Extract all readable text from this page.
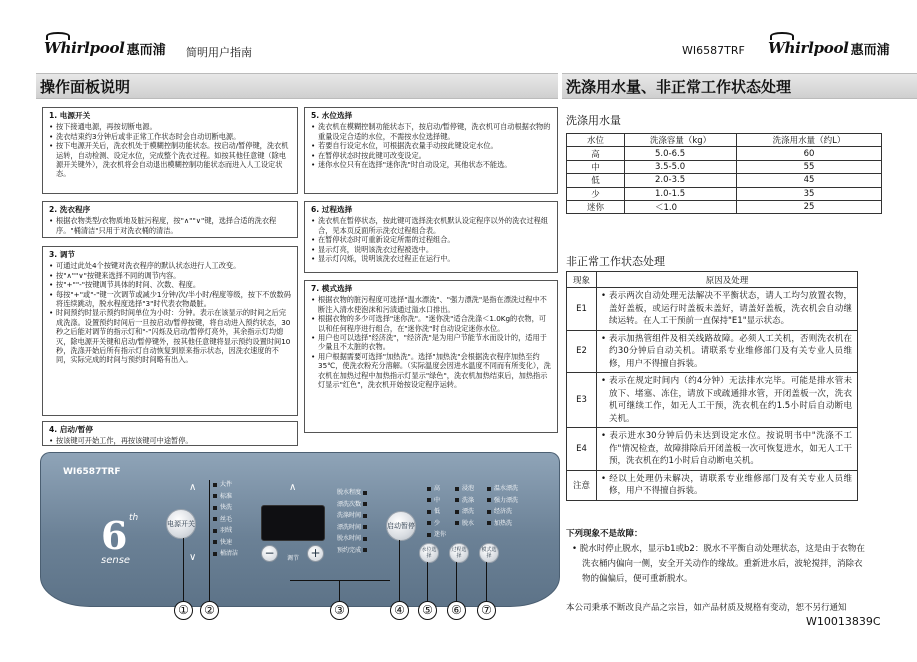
Whirlpool 惠而浦 简明用户指南	WI6587TRF Whirlpool 惠而浦
操作面板说明	洗涤用水量、非正常工作状态处理
1. 电源开关
• 按下接通电源，再按切断电源。
• 洗衣结束约3分钟后或非正常工作状态时会自动切断电源。
• 按下电源开关后，洗衣机处于模糊控制功能状态。按启动/暂停键，洗衣机运转，自动检测、设定水位，完成整个洗衣过程。如按其他任意键（除电源开关键外），洗衣机将会自动退出模糊控制功能状态而进入人工设定状态。
2. 洗衣程序
• 根据衣物类型/衣物质地及脏污程度，按"∧""∨"键，选择合适的洗衣程序。"桶清洁"只用于对洗衣桶的清洁。
3. 调节
• 可通过此处4个按键对洗衣程序的默认状态进行人工改变。
• 按"∧""∨"按键来选择不同的调节内容。
• 按"+""-"按键调节具体的时间、次数、程度。
• 每按"+"或"-"键一次调节或减少1分钟/次/半小时/程度等级，按下不放数码将连续跳动，脱水程度选择"3"时代表衣物最脏。
• 时间预约时显示预约时间单位为小时：分钟。表示在该显示的时间之后完成洗涤。设置预约时间后一旦按启动/暂停按键，将自动进入预约状态，30秒之后能对调节的指示灯和"-"闪烁及启动/暂停灯亮外，其余指示灯均熄灭，除电源开关键和启动/暂停键外，按其他任意键将显示预约设置时间10秒，洗涤开始后所有指示灯自动恢复到原来指示状态，因洗衣速度的不同，实际完成的时间与预约时间略有出入。
4. 启动/暂停
• 按该键可开始工作，再按该键可中途暂停。
5. 水位选择
• 洗衣机在模糊控制功能状态下，按启动/暂停键，洗衣机可自动根据衣物的重量设定合适的水位，不需按水位选择键。
• 若要自行设定水位，可根据洗衣量手动按此键设定水位。
• 在暂停状态时按此键可改变设定。
• 迷你水位只有在选择"迷你洗"时自动设定，其他状态不能选。
6. 过程选择
• 洗衣机在暂停状态，按此键可选择洗衣机默认设定程序以外的洗衣过程组合，见本页反面所示洗衣过程组合表。
• 在暂停状态时可重新设定所需的过程组合。
• 显示灯亮，说明该洗衣过程被选中。
• 显示灯闪烁，说明该洗衣过程正在运行中。
7. 模式选择
• 根据衣物的脏污程度可选择"温水漂洗"、"强力漂洗"是指在漂洗过程中不断注入清水使泡沫和污渍通过溢水口排出。
• 根据衣物的多少可选择"迷你洗"。"迷你洗"适合洗涤＜1.0Kg的衣物，可以和任何程序进行组合，在"迷你洗"时自动设定迷你水位。
• 用户也可以选择"经济洗"，"经济洗"是为用户节能节水而设计的，适用于少量且不太脏的衣物。
• 用户根据需要可选择"加热洗"。选择"加热洗"会根据洗衣程序加热至约35℃，使洗衣粉充分溶解。（实际温度会因进水温度不同而有所变化），洗衣机在加热过程中加热指示灯显示"绿色"，洗衣机加热结束后，加热指示灯显示"红色"，洗衣机开始按设定程序运转。
WI6587TRF
6 th
sense
电源开关
∧
∨
大件
标准
快洗
丝毛
羽绒
快速
桶清洁
∧
−	调节 +
脱水程度
漂洗次数
洗涤时间
漂洗时间
脱水时间
预约完成
启动暂停
高
中
低
少
迷你
浸泡
洗涤
漂洗
脱水
温水漂洗
强力漂洗
经济洗
加热洗
水位选择
过程选择
模式选择
①	②	③	④	⑤	⑥	⑦
洗涤用水量
水位	洗涤容量（kg）	洗涤用水量（约L）
高	5.0-6.5	60
中	3.5-5.0	55
低	2.0-3.5	45
少	1.0-1.5	35
迷你	＜1.0	25
非正常工作状态处理
现象	原因及处理
E1	• 表示两次自动处理无法解决不平衡状态，请人工均匀放置衣物，盖好盖板，或运行时盖板未盖好，请盖好盖板，洗衣机会自动继续运转。在人工干预前一直保持"E1"显示状态。

E2	• 表示加热管组件及相关线路故障。必须人工关机，否则洗衣机在约30分钟后自动关机。请联系专业维修部门及有关专业人员维修，用户不得擅自拆装。

E3	• 表示在规定时间内（约4分钟）无法排水完毕。可能是排水管未放下、堵塞、冻住，请放下或疏通排水管，开闭盖板一次，洗衣机可继续工作，如无人工干预，洗衣机在约1.5小时后自动断电关机。

E4	• 表示进水30分钟后仍未达到设定水位。按说明书中"洗涤不工作"情况检查，故障排除后开闭盖板一次可恢复进水，如无人工干预，洗衣机在约1小时后自动断电关机。

注意	• 经以上处理仍未解决，请联系专业维修部门及有关专业人员维修，用户不得擅自拆装。
下列现象不是故障：
• 脱水时停止脱水，显示b1或b2：脱水不平衡自动处理状态，这是由于衣物在洗衣桶内偏向一侧，安全开关动作的缘故。重新进水后，波轮搅拌，消除衣物的偏偏后，便可重新脱水。
本公司秉承不断改良产品之宗旨，如产品材质及规格有变动，恕不另行通知
W10013839C
